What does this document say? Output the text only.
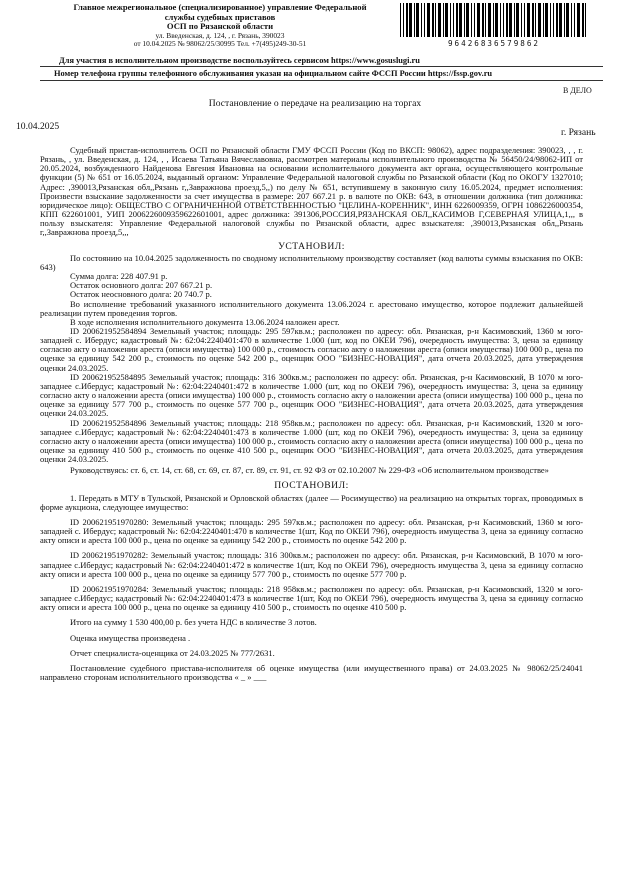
Главное межрегиональное (специализированное) управление Федеральной
службы судебных приставов
ОСП по Рязанской области
ул. Введенская, д. 124, , г. Рязань, 390023
от 10.04.2025 № 98062/25/30995 Тел. +7(495)249-30-51	96426836579862
Для участия в исполнительном производстве воспользуйтесь сервисом https://www.gosuslugi.ru
Номер телефона группы телефонного обслуживания указан на официальном сайте ФССП России https://fssp.gov.ru
В ДЕЛО
Постановление о передаче на реализацию на торгах
10.04.2025
г. Рязань

Судебный пристав-исполнитель ОСП по Рязанской области ГМУ ФССП России (Код по ВКСП: 98062), адрес подразделения: 390023, , , г. Рязань, , ул. Введенская, д. 124, , , Исаева Татьяна Вячеславовна, рассмотрев материалы исполнительного производства № 56450/24/98062-ИП от 20.05.2024, возбужденного Найденова Евгения Ивановна на основании исполнительного документа акт органа, осуществляющего контрольные функции (5) № 651 от 16.05.2024, выданный органом: Управление Федеральной налоговой службы по Рязанской области (Код по ОКОГУ 1327010; Адрес: ,390013,Рязанская обл,,Рязань г,,Завражнова проезд,5,,) по делу № 651, вступившему в законную силу 16.05.2024, предмет исполнения: Произвести взыскание задолженности за счет имущества в размере: 207 667.21 р. в валюте по ОКВ: 643, в отношении должника (тип должника: юридическое лицо): ОБЩЕСТВО С ОГРАНИЧЕННОЙ ОТВЕТСТВЕННОСТЬЮ "ЦЕЛИНА-КОРЕННИК", ИНН 6226009359, ОГРН 1086226000354, КПП 622601001, УИП 2006226009359622601001, адрес должника: 391306,РОССИЯ,РЯЗАНСКАЯ ОБЛ,,КАСИМОВ Г,СЕВЕРНАЯ УЛИЦА,1,,, в пользу взыскателя: Управление Федеральной налоговой службы по Рязанской области, адрес взыскателя: ,390013,Рязанская обл,,Рязань г,,Завражнова проезд,5,,,

УСТАНОВИЛ:

По состоянию на 10.04.2025 задолженность по сводному исполнительному производству составляет (код валюты суммы взыскания по ОКВ: 643)

Сумма долга: 228 407.91 р.

Остаток основного долга: 207 667.21 р.

Остаток неосновного долга: 20 740.7 р.

Во исполнение требований указанного исполнительного документа 13.06.2024 г. арестовано имущество, которое подлежит дальнейшей реализации путем проведения торгов.

В ходе исполнения исполнительного документа 13.06.2024 наложен арест.

ID 200621952584894 Земельный участок; площадь: 295 597кв.м.; расположен по адресу: обл. Рязанская, р-н Касимовский, 1360 м юго-западней с. Ибердус; кадастровый №: 62:04:2240401:470 в количестве 1.000 (шт, код по ОКЕИ 796), очередность имущества: 3, цена за единицу согласно акту о наложении ареста (описи имущества) 100 000 р., стоимость согласно акту о наложении ареста (описи имущества) 100 000 р., цена по оценке за единицу 542 200 р., стоимость по оценке 542 200 р., оценщик ООО "БИЗНЕС-НОВАЦИЯ", дата отчета 20.03.2025, дата утверждения оценки 24.03.2025.

ID 200621952584895 Земельный участок; площадь: 316 300кв.м.; расположен по адресу: обл. Рязанская, р-н Касимовский, В 1070 м юго-западнее с.Ибердус; кадастровый №: 62:04:2240401:472 в количестве 1.000 (шт, код по ОКЕИ 796), очередность имущества: 3, цена за единицу согласно акту о наложении ареста (описи имущества) 100 000 р., стоимость согласно акту о наложении ареста (описи имущества) 100 000 р., цена по оценке за единицу 577 700 р., стоимость по оценке 577 700 р., оценщик ООО "БИЗНЕС-НОВАЦИЯ", дата отчета 20.03.2025, дата утверждения оценки 24.03.2025.

ID 200621952584896 Земельный участок; площадь: 218 958кв.м.; расположен по адресу: обл. Рязанская, р-н Касимовский, 1320 м юго-западнее с.Ибердус; кадастровый №: 62:04:2240401:473 в количестве 1.000 (шт, код по ОКЕИ 796), очередность имущества: 3, цена за единицу согласно акту о наложении ареста (описи имущества) 100 000 р., стоимость согласно акту о наложении ареста (описи имущества) 100 000 р., цена по оценке за единицу 410 500 р., стоимость по оценке 410 500 р., оценщик ООО "БИЗНЕС-НОВАЦИЯ", дата отчета 20.03.2025, дата утверждения оценки 24.03.2025.

Руководствуясь: ст. 6, ст. 14, ст. 68, ст. 69, ст. 87, ст. 89, ст. 91, ст. 92 ФЗ от 02.10.2007 № 229-ФЗ «Об исполнительном производстве»

ПОСТАНОВИЛ:

1. Передать в МТУ в Тульской, Рязанской и Орловской областях (далее — Росимущество) на реализацию на открытых торгах, проводимых в форме аукциона, следующее имущество:

ID 200621951970280: Земельный участок; площадь: 295 597кв.м.; расположен по адресу: обл. Рязанская, р-н Касимовский, 1360 м юго-западней с. Ибердус; кадастровый №: 62:04:2240401:470 в количестве 1(шт, Код по ОКЕИ 796), очередность имущества 3, цена за единицу согласно акту описи и ареста 100 000 р., цена по оценке за единицу 542 200 р., стоимость по оценке 542 200 р.

ID 200621951970282: Земельный участок; площадь: 316 300кв.м.; расположен по адресу: обл. Рязанская, р-н Касимовский, В 1070 м юго-западнее с.Ибердус; кадастровый №: 62:04:2240401:472 в количестве 1(шт, Код по ОКЕИ 796), очередность имущества 3, цена за единицу согласно акту описи и ареста 100 000 р., цена по оценке за единицу 577 700 р., стоимость по оценке 577 700 р.

ID 200621951970284: Земельный участок; площадь: 218 958кв.м.; расположен по адресу: обл. Рязанская, р-н Касимовский, 1320 м юго-западнее с.Ибердус; кадастровый №: 62:04:2240401:473 в количестве 1(шт, Код по ОКЕИ 796), очередность имущества 3, цена за единицу согласно акту описи и ареста 100 000 р., цена по оценке за единицу 410 500 р., стоимость по оценке 410 500 р.

Итого на сумму 1 530 400,00 р. без учета НДС в количестве 3 лотов.

Оценка имущества произведена .

Отчет специалиста-оценщика от 24.03.2025 № 777/2631.

Постановление судебного пристава-исполнителя об оценке имущества (или имущественного права) от 24.03.2025 № 98062/25/24041 направлено сторонам исполнительного производства « _ » ___
